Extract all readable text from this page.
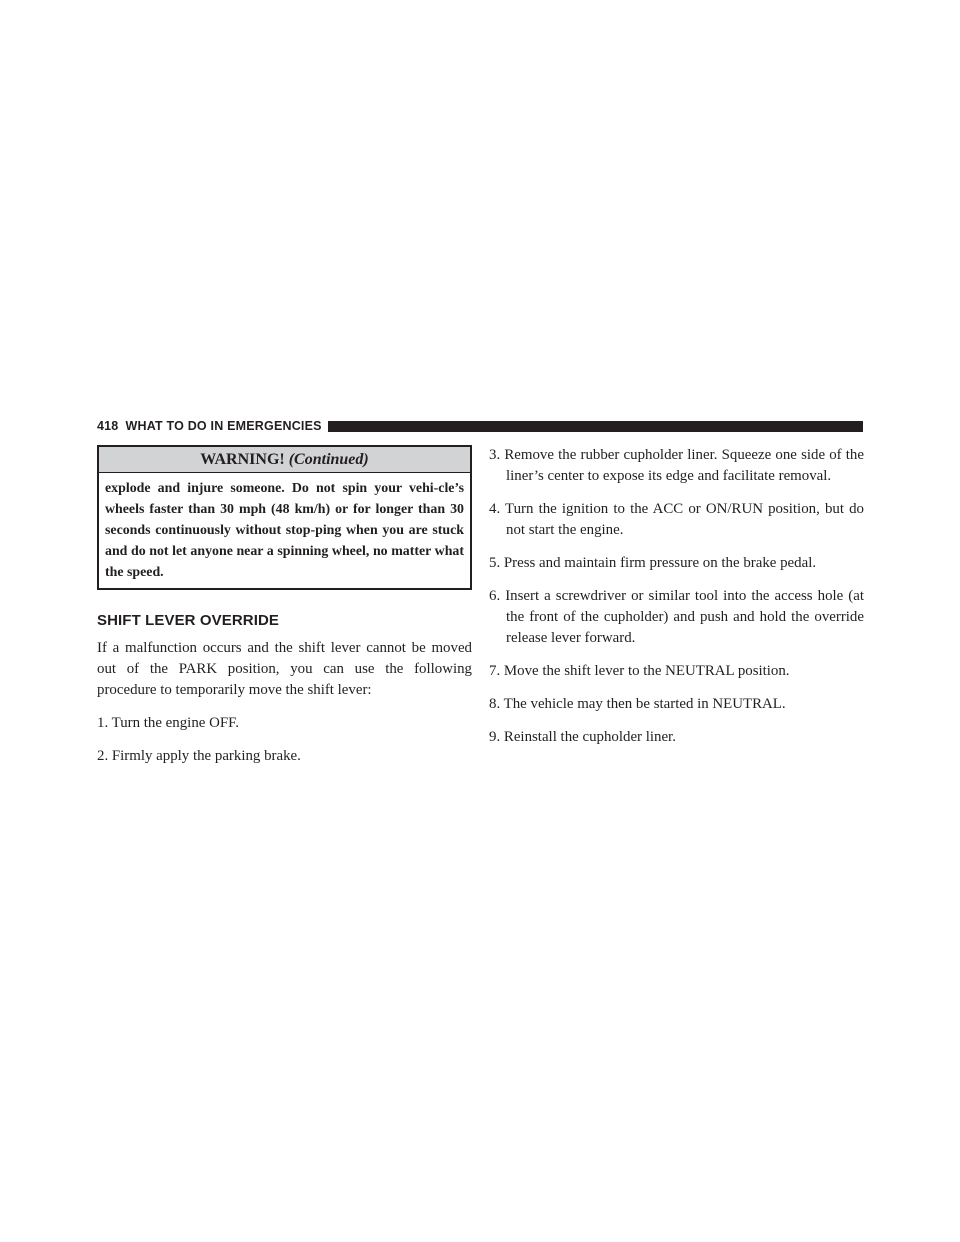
418 WHAT TO DO IN EMERGENCIES
WARNING! (Continued)
explode and injure someone. Do not spin your vehi-cle’s wheels faster than 30 mph (48 km/h) or for longer than 30 seconds continuously without stop-ping when you are stuck and do not let anyone near a spinning wheel, no matter what the speed.
SHIFT LEVER OVERRIDE
If a malfunction occurs and the shift lever cannot be moved out of the PARK position, you can use the following procedure to temporarily move the shift lever:
1. Turn the engine OFF.
2. Firmly apply the parking brake.
3. Remove the rubber cupholder liner. Squeeze one side of the liner’s center to expose its edge and facilitate removal.
4. Turn the ignition to the ACC or ON/RUN position, but do not start the engine.
5. Press and maintain firm pressure on the brake pedal.
6. Insert a screwdriver or similar tool into the access hole (at the front of the cupholder) and push and hold the override release lever forward.
7. Move the shift lever to the NEUTRAL position.
8. The vehicle may then be started in NEUTRAL.
9. Reinstall the cupholder liner.
